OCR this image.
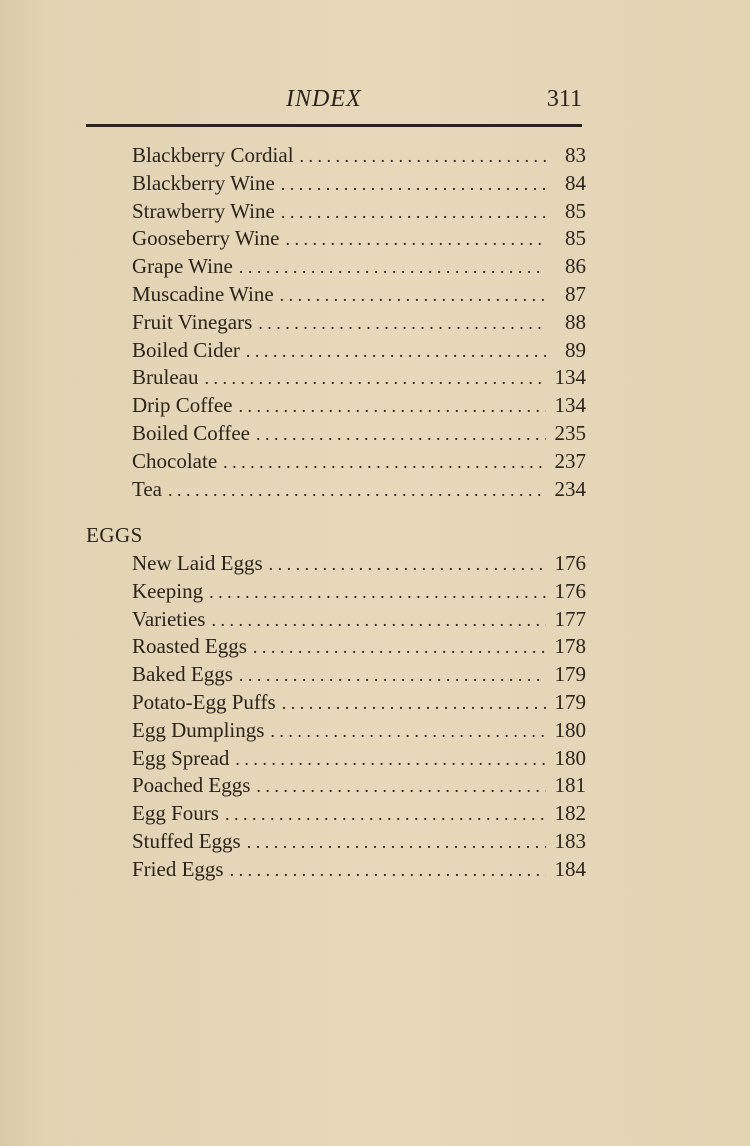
INDEX	311
Blackberry Cordial . . .	83
Blackberry Wine . . .	84
Strawberry Wine . . .	85
Gooseberry Wine . . .	85
Grape Wine . . .	86
Muscadine Wine . . .	87
Fruit Vinegars . . .	88
Boiled Cider . . .	89
Bruleau . . .	134
Drip Coffee . . .	134
Boiled Coffee . . .	235
Chocolate . . .	237
Tea . . .	234
EGGS
New Laid Eggs . . .	176
Keeping . . .	176
Varieties . . .	177
Roasted Eggs . . .	178
Baked Eggs . . .	179
Potato-Egg Puffs . . .	179
Egg Dumplings . . .	180
Egg Spread . . .	180
Poached Eggs . . .	181
Egg Fours . . .	182
Stuffed Eggs . . .	183
Fried Eggs . . .	184
